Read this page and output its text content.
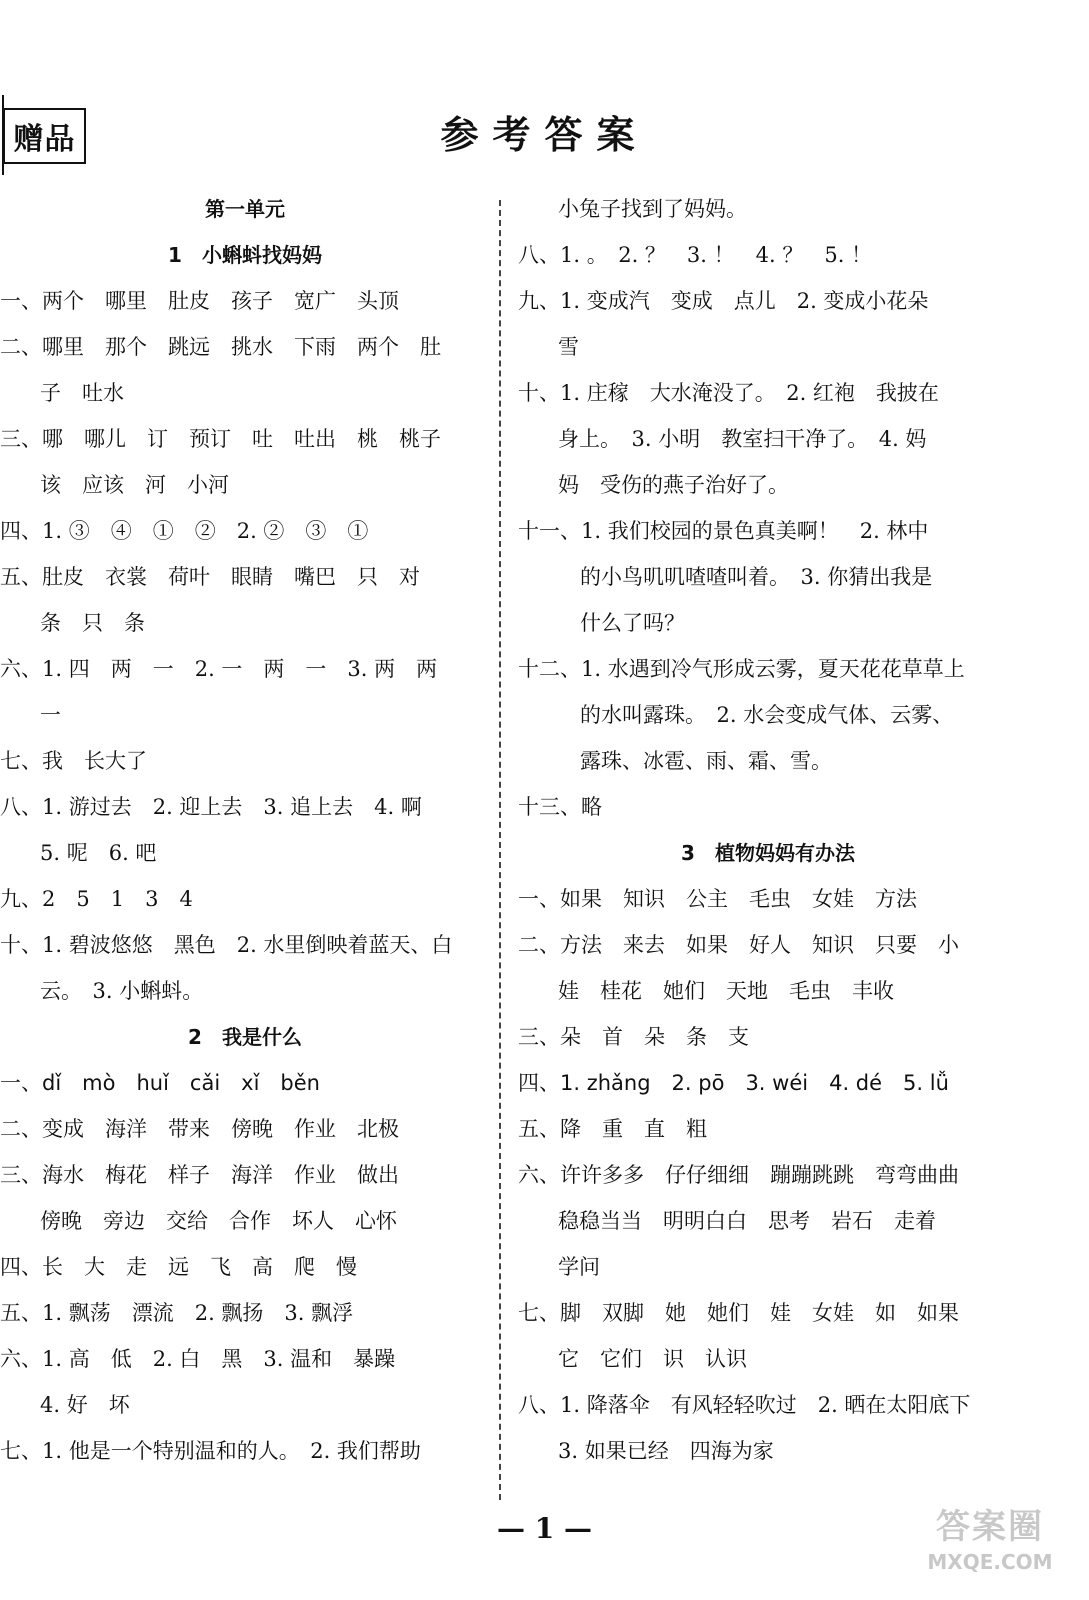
赠品	参考答案
第一单元
1　小蝌蚪找妈妈
一、两个　哪里　肚皮　孩子　宽广　头顶
二、哪里　那个　跳远　挑水　下雨　两个　肚
子　吐水
三、哪　哪儿　订　预订　吐　吐出　桃　桃子
该　应该　河　小河
四、1. ③　④　①　②　2. ②　③　①
五、肚皮　衣裳　荷叶　眼睛　嘴巴　只　对
条　只　条
六、1. 四　两　一　2. 一　两　一　3. 两　两
一
七、我　长大了
八、1. 游过去　2. 迎上去　3. 追上去　4. 啊
5. 呢　6. 吧
九、2　5　1　3　4
十、1. 碧波悠悠　黑色　2. 水里倒映着蓝天、白
云。　3. 小蝌蚪。
2　我是什么
一、dǐ　mò　huǐ　cǎi　xǐ　běn
二、变成　海洋　带来　傍晚　作业　北极
三、海水　梅花　样子　海洋　作业　做出
傍晚　旁边　交给　合作　坏人　心怀
四、长　大　走　远　飞　高　爬　慢
五、1. 飘荡　漂流　2. 飘扬　3. 飘浮
六、1. 高　低　2. 白　黑　3. 温和　暴躁
4. 好　坏
七、1. 他是一个特别温和的人。　2. 我们帮助
小兔子找到了妈妈。
八、1. 。　2. ？　3. ！　4. ？　5. ！
九、1. 变成汽　变成　点儿　2. 变成小花朵
雪
十、1. 庄稼　大水淹没了。　2. 红袍　我披在
身上。　3. 小明　教室扫干净了。　4. 妈
妈　受伤的燕子治好了。
十一、1. 我们校园的景色真美啊！　2. 林中
的小鸟叽叽喳喳叫着。　3. 你猜出我是
什么了吗？
十二、1. 水遇到冷气形成云雾，夏天花花草草上
的水叫露珠。　2. 水会变成气体、云雾、
露珠、冰雹、雨、霜、雪。
十三、略
3　植物妈妈有办法
一、如果　知识　公主　毛虫　女娃　方法
二、方法　来去　如果　好人　知识　只要　小
娃　桂花　她们　天地　毛虫　丰收
三、朵　首　朵　条　支
四、1. zhǎng　2. pō　3. wéi　4. dé　5. lǚ
五、降　重　直　粗
六、许许多多　仔仔细细　蹦蹦跳跳　弯弯曲曲
稳稳当当　明明白白　思考　岩石　走着
学问
七、脚　双脚　她　她们　娃　女娃　如　如果
它　它们　识　认识
八、1. 降落伞　有风轻轻吹过　2. 晒在太阳底下
3. 如果已经　四海为家
— 1 —	答案圈
MXQE.COM
